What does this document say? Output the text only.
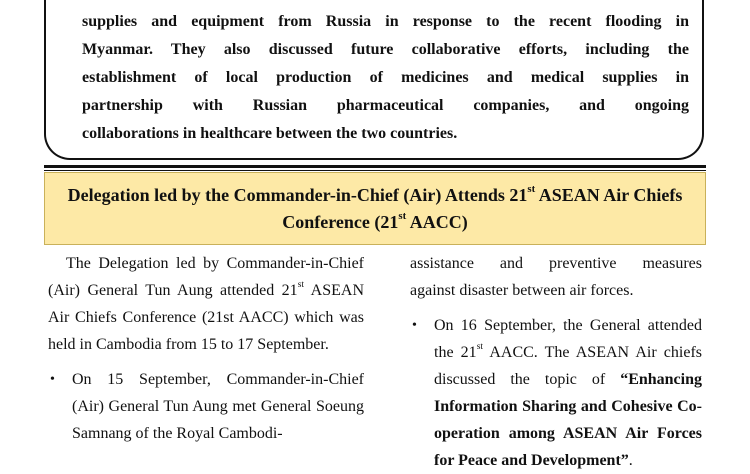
supplies and equipment from Russia in response to the recent flooding in
Myanmar. They also discussed future collaborative efforts, including the
establishment of local production of medicines and medical supplies in
partnership with Russian pharmaceutical companies, and ongoing
collaborations in healthcare between the two countries.
Delegation led by the Commander-in-Chief (Air) Attends 21st ASEAN Air Chiefs
Conference (21st AACC)

The Delegation led by Commander-in-Chief (Air) General Tun Aung attended 21st ASEAN Air Chiefs Conference (21st AACC) which was held in Cambodia from 15 to 17 September.

• On 15 September, Commander-in-Chief (Air) General Tun Aung met General Soeung Samnang of the Royal Cambodi-

assistance and preventive measures

against disaster between air forces.

• On 16 September, the General attended the 21st AACC. The ASEAN Air chiefs discussed the topic of “Enhancing Information Sharing and Cohesive Co-operation among ASEAN Air Forces for Peace and Development”.
